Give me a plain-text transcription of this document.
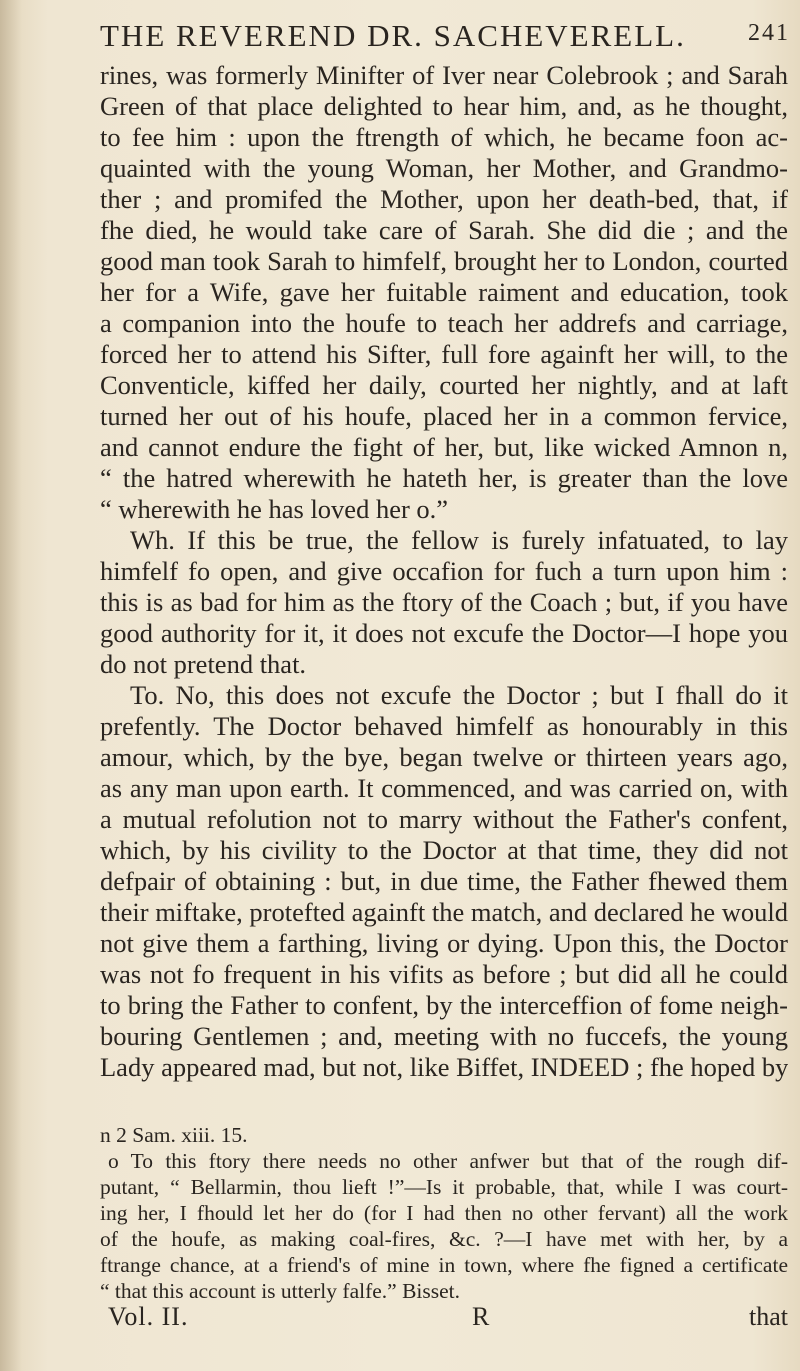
THE REVEREND DR. SACHEVERELL.	241
rines, was formerly Minifter of Iver near Colebrook ; and Sarah
Green of that place delighted to hear him, and, as he thought,
to fee him : upon the ftrength of which, he became foon ac-
quainted with the young Woman, her Mother, and Grandmo-
ther ; and promifed the Mother, upon her death-bed, that, if
fhe died, he would take care of Sarah. She did die ; and the
good man took Sarah to himfelf, brought her to London, courted
her for a Wife, gave her fuitable raiment and education, took
a companion into the houfe to teach her addrefs and carriage,
forced her to attend his Sifter, full fore againft her will, to the
Conventicle, kiffed her daily, courted her nightly, and at laft
turned her out of his houfe, placed her in a common fervice,
and cannot endure the fight of her, but, like wicked Amnon n,
“ the hatred wherewith he hateth her, is greater than the love
“ wherewith he has loved her o.”
Wh. If this be true, the fellow is furely infatuated, to lay
himfelf fo open, and give occafion for fuch a turn upon him :
this is as bad for him as the ftory of the Coach ; but, if you have
good authority for it, it does not excufe the Doctor—I hope you
do not pretend that.
To. No, this does not excufe the Doctor ; but I fhall do it
prefently. The Doctor behaved himfelf as honourably in this
amour, which, by the bye, began twelve or thirteen years ago,
as any man upon earth. It commenced, and was carried on, with
a mutual refolution not to marry without the Father's confent,
which, by his civility to the Doctor at that time, they did not
defpair of obtaining : but, in due time, the Father fhewed them
their miftake, protefted againft the match, and declared he would
not give them a farthing, living or dying. Upon this, the Doctor
was not fo frequent in his vifits as before ; but did all he could
to bring the Father to confent, by the interceffion of fome neigh-
bouring Gentlemen ; and, meeting with no fuccefs, the young
Lady appeared mad, but not, like Biffet, INDEED ; fhe hoped by
n 2 Sam. xiii. 15.
o To this ftory there needs no other anfwer but that of the rough dif-
putant, “ Bellarmin, thou lieft !”—Is it probable, that, while I was court-
ing her, I fhould let her do (for I had then no other fervant) all the work
of the houfe, as making coal-fires, &c. ?—I have met with her, by a
ftrange chance, at a friend's of mine in town, where fhe figned a certificate
“ that this account is utterly falfe.” Bisset.
Vol. II.	R	that
